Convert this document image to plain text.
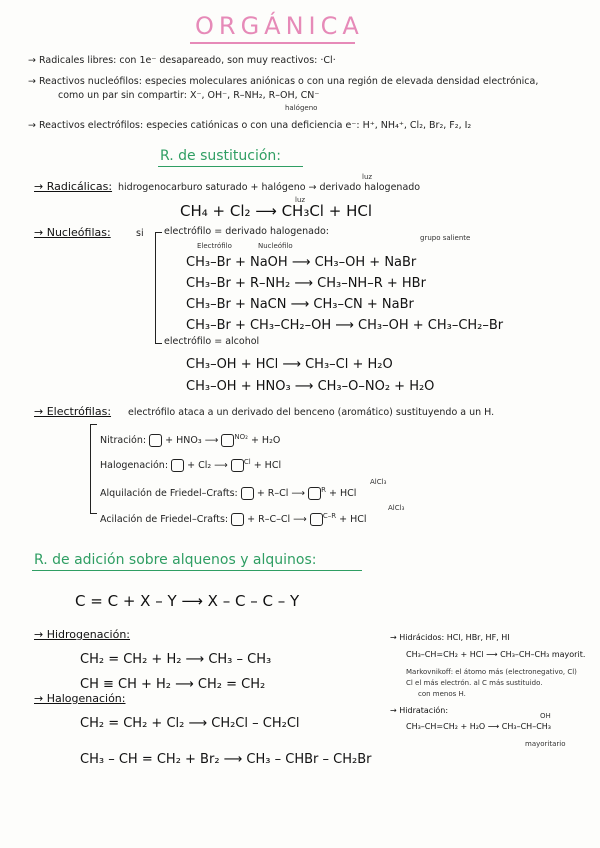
ORGÁNICA
→ Radicales libres: con 1e⁻ desapareado, son muy reactivos: ·Cl·
→ Reactivos nucleófilos: especies moleculares aniónicas o con una región de elevada densidad electrónica,
como un par sin compartir: X⁻, OH⁻, R–NH₂, R–OH, CN⁻
halógeno
→ Reactivos electrófilos: especies catiónicas o con una deficiencia e⁻: H⁺, NH₄⁺, Cl₂, Br₂, F₂, I₂
R. de sustitución:
→ Radicálicas: hidrogenocarburo saturado + halógeno → derivado halogenado
luz
CH₄ + Cl₂ ⟶ CH₃Cl + HCl
luz
→ Nucleófilas:	si electrófilo = derivado halogenado:
Electrófilo	Nucleófilo
grupo saliente
CH₃–Br + NaOH ⟶ CH₃–OH + NaBr
CH₃–Br + R–NH₂ ⟶ CH₃–NH–R + HBr
CH₃–Br + NaCN ⟶ CH₃–CN + NaBr
CH₃–Br + CH₃–CH₂–OH ⟶ CH₃–OH + CH₃–CH₂–Br
electrófilo = alcohol
CH₃–OH + HCl ⟶ CH₃–Cl + H₂O
CH₃–OH + HNO₃ ⟶ CH₃–O–NO₂ + H₂O
→ Electrófilas: electrófilo ataca a un derivado del benceno (aromático) sustituyendo a un H.
Nitración: + HNO₃ ⟶ $^{NO_2}$ + H₂O
Halogenación: + Cl₂ ⟶ $^{Cl}$ + HCl
AlCl₃
Alquilación de Friedel–Crafts: + R–Cl ⟶ $^R$ + HCl
AlCl₃
Acilación de Friedel–Crafts: + R–C–Cl ⟶ $^{C-R}$ + HCl
R. de adición sobre alquenos y alquinos:
C = C + X – Y ⟶ X – C – C – Y
→ Hidrogenación:
CH₂ = CH₂ + H₂ ⟶ CH₃ – CH₃
CH ≡ CH + H₂ ⟶ CH₂ = CH₂
→ Halogenación:
CH₂ = CH₂ + Cl₂ ⟶ CH₂Cl – CH₂Cl
CH₃ – CH = CH₂ + Br₂ ⟶ CH₃ – CHBr – CH₂Br
→ Hidrácidos: HCl, HBr, HF, HI
CH₃–CH=CH₂ + HCl ⟶ CH₃–CH–CH₃ mayorit.
Markovnikoff: el átomo más (electronegativo, Cl)
Cl el más electrón. al C más sustituido.
con menos H.
→ Hidratación:
OH
CH₃–CH=CH₂ + H₂O ⟶ CH₃–CH–CH₃
mayoritario
